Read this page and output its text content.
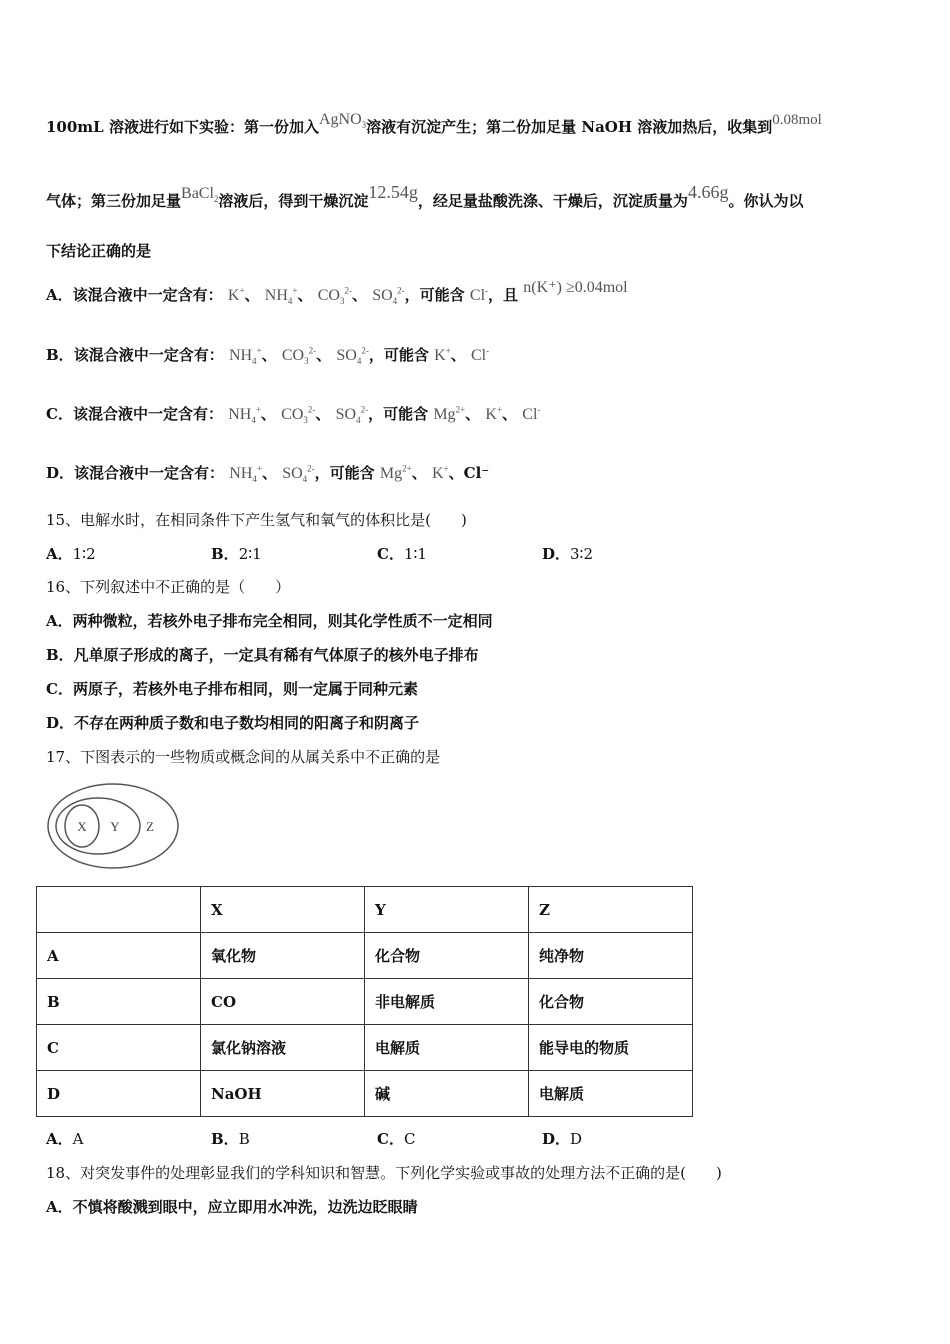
100mL 溶液进行如下实验：第一份加入AgNO$_3$溶液有沉淀产生；第二份加足量 NaOH 溶液加热后，收集到0.08mol
气体；第三份加足量BaCl$_2$溶液后，得到干燥沉淀12.54g，经足量盐酸洗涤、干燥后，沉淀质量为4.66g。你认为以
下结论正确的是
A．该混合液中一定含有： K+、 $NH_4^+$、 $CO_3^{2-}$、 $SO_4^{2-}$，可能含 Cl-，且 n(K⁺) ≥0.04mol
B．该混合液中一定含有： $NH_4^+$、 $CO_3^{2-}$、 $SO_4^{2-}$，可能含 K+、 Cl-
C．该混合液中一定含有： $NH_4^+$、 $CO_3^{2-}$、 $SO_4^{2-}$，可能含 $Mg^{2+}$、 K+、 Cl-
D．该混合液中一定含有： $NH_4^+$、 $SO_4^{2-}$，可能含 $Mg^{2+}$、 K+、Cl⁻
15、电解水时，在相同条件下产生氢气和氧气的体积比是(　　)
A．1∶2	B．2∶1	C．1∶1	D．3∶2
16、下列叙述中不正确的是（　　）
A．两种微粒，若核外电子排布完全相同，则其化学性质不一定相同
B．凡单原子形成的离子，一定具有稀有气体原子的核外电子排布
C．两原子，若核外电子排布相同，则一定属于同种元素
D．不存在两种质子数和电子数均相同的阳离子和阴离子
17、下图表示的一些物质或概念间的从属关系中不正确的是
X Y Z
	X	Y	Z
A	氧化物	化合物	纯净物
B	CO	非电解质	化合物
C	氯化钠溶液	电解质	能导电的物质
D	NaOH	碱	电解质
A．A	B．B	C．C	D．D
18、对突发事件的处理彰显我们的学科知识和智慧。下列化学实验或事故的处理方法不正确的是(　　)
A．不慎将酸溅到眼中，应立即用水冲洗，边洗边眨眼睛
